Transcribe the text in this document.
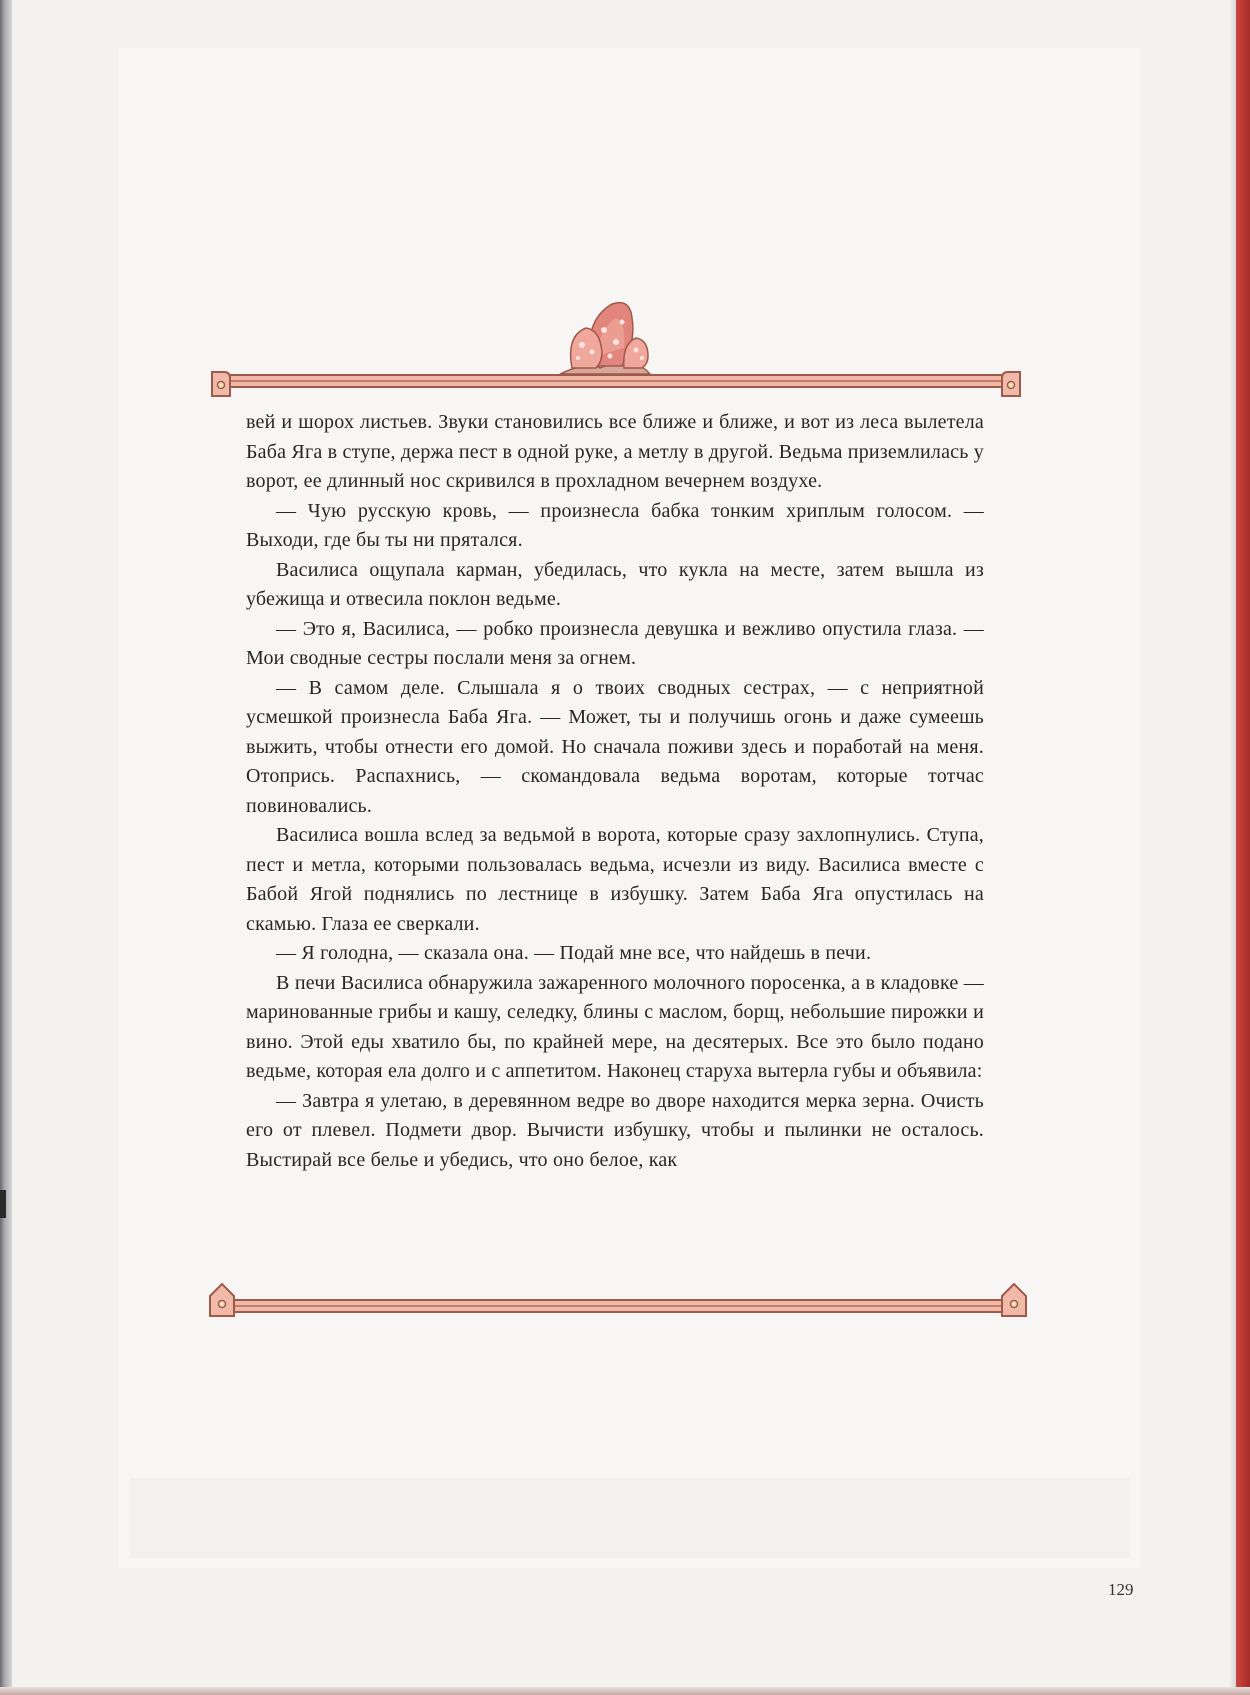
вей и шорох листьев. Звуки становились все ближе и ближе, и вот из леса вылетела Баба Яга в ступе, держа пест в одной руке, а метлу в другой. Ведьма приземлилась у ворот, ее длинный нос скривился в прохладном вечернем воздухе.

— Чую русскую кровь, — произнесла бабка тонким хриплым голосом. — Выходи, где бы ты ни прятался.

Василиса ощупала карман, убедилась, что кукла на месте, затем вышла из убежища и отвесила поклон ведьме.

— Это я, Василиса, — робко произнесла девушка и вежливо опустила глаза. — Мои сводные сестры послали меня за огнем.

— В самом деле. Слышала я о твоих сводных сестрах, — с неприятной усмешкой произнесла Баба Яга. — Может, ты и получишь огонь и даже сумеешь выжить, чтобы отнести его домой. Но сначала поживи здесь и поработай на меня. Отопрись. Распахнись, — скомандовала ведьма воротам, которые тотчас повиновались.

Василиса вошла вслед за ведьмой в ворота, которые сразу захлопнулись. Ступа, пест и метла, которыми пользовалась ведьма, исчезли из виду. Василиса вместе с Бабой Ягой поднялись по лестнице в избушку. Затем Баба Яга опустилась на скамью. Глаза ее сверкали.

— Я голодна, — сказала она. — Подай мне все, что найдешь в печи.

В печи Василиса обнаружила зажаренного молочного поросенка, а в кладовке — маринованные грибы и кашу, селедку, блины с маслом, борщ, небольшие пирожки и вино. Этой еды хватило бы, по крайней мере, на десятерых. Все это было подано ведьме, которая ела долго и с аппетитом. Наконец старуха вытерла губы и объявила:

— Завтра я улетаю, в деревянном ведре во дворе находится мерка зерна. Очисть его от плевел. Подмети двор. Вычисти избушку, чтобы и пылинки не осталось. Выстирай все белье и убедись, что оно белое, как

129
